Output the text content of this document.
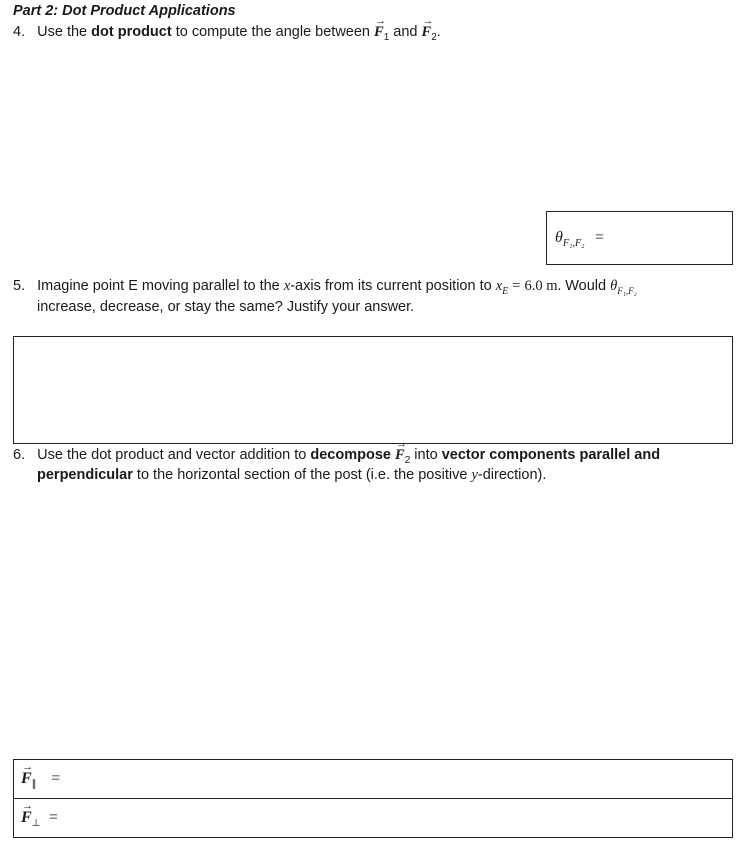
Part 2: Dot Product Applications
4. Use the dot product to compute the angle between → $F_1$ and → $F_2$.
$\theta_{F_1,F_2}$ =
5. Imagine point E moving parallel to the x-axis from its current position to $x_E = 6.0$ m. Would $\theta_{F_1,F_2}$
increase, decrease, or stay the same? Justify your answer.
6. Use the dot product and vector addition to decompose → $F_2$ into vector components parallel and
perpendicular to the horizontal section of the post (i.e. the positive y-direction).
→ $F_\parallel$ =
→ $F_\perp$ =
